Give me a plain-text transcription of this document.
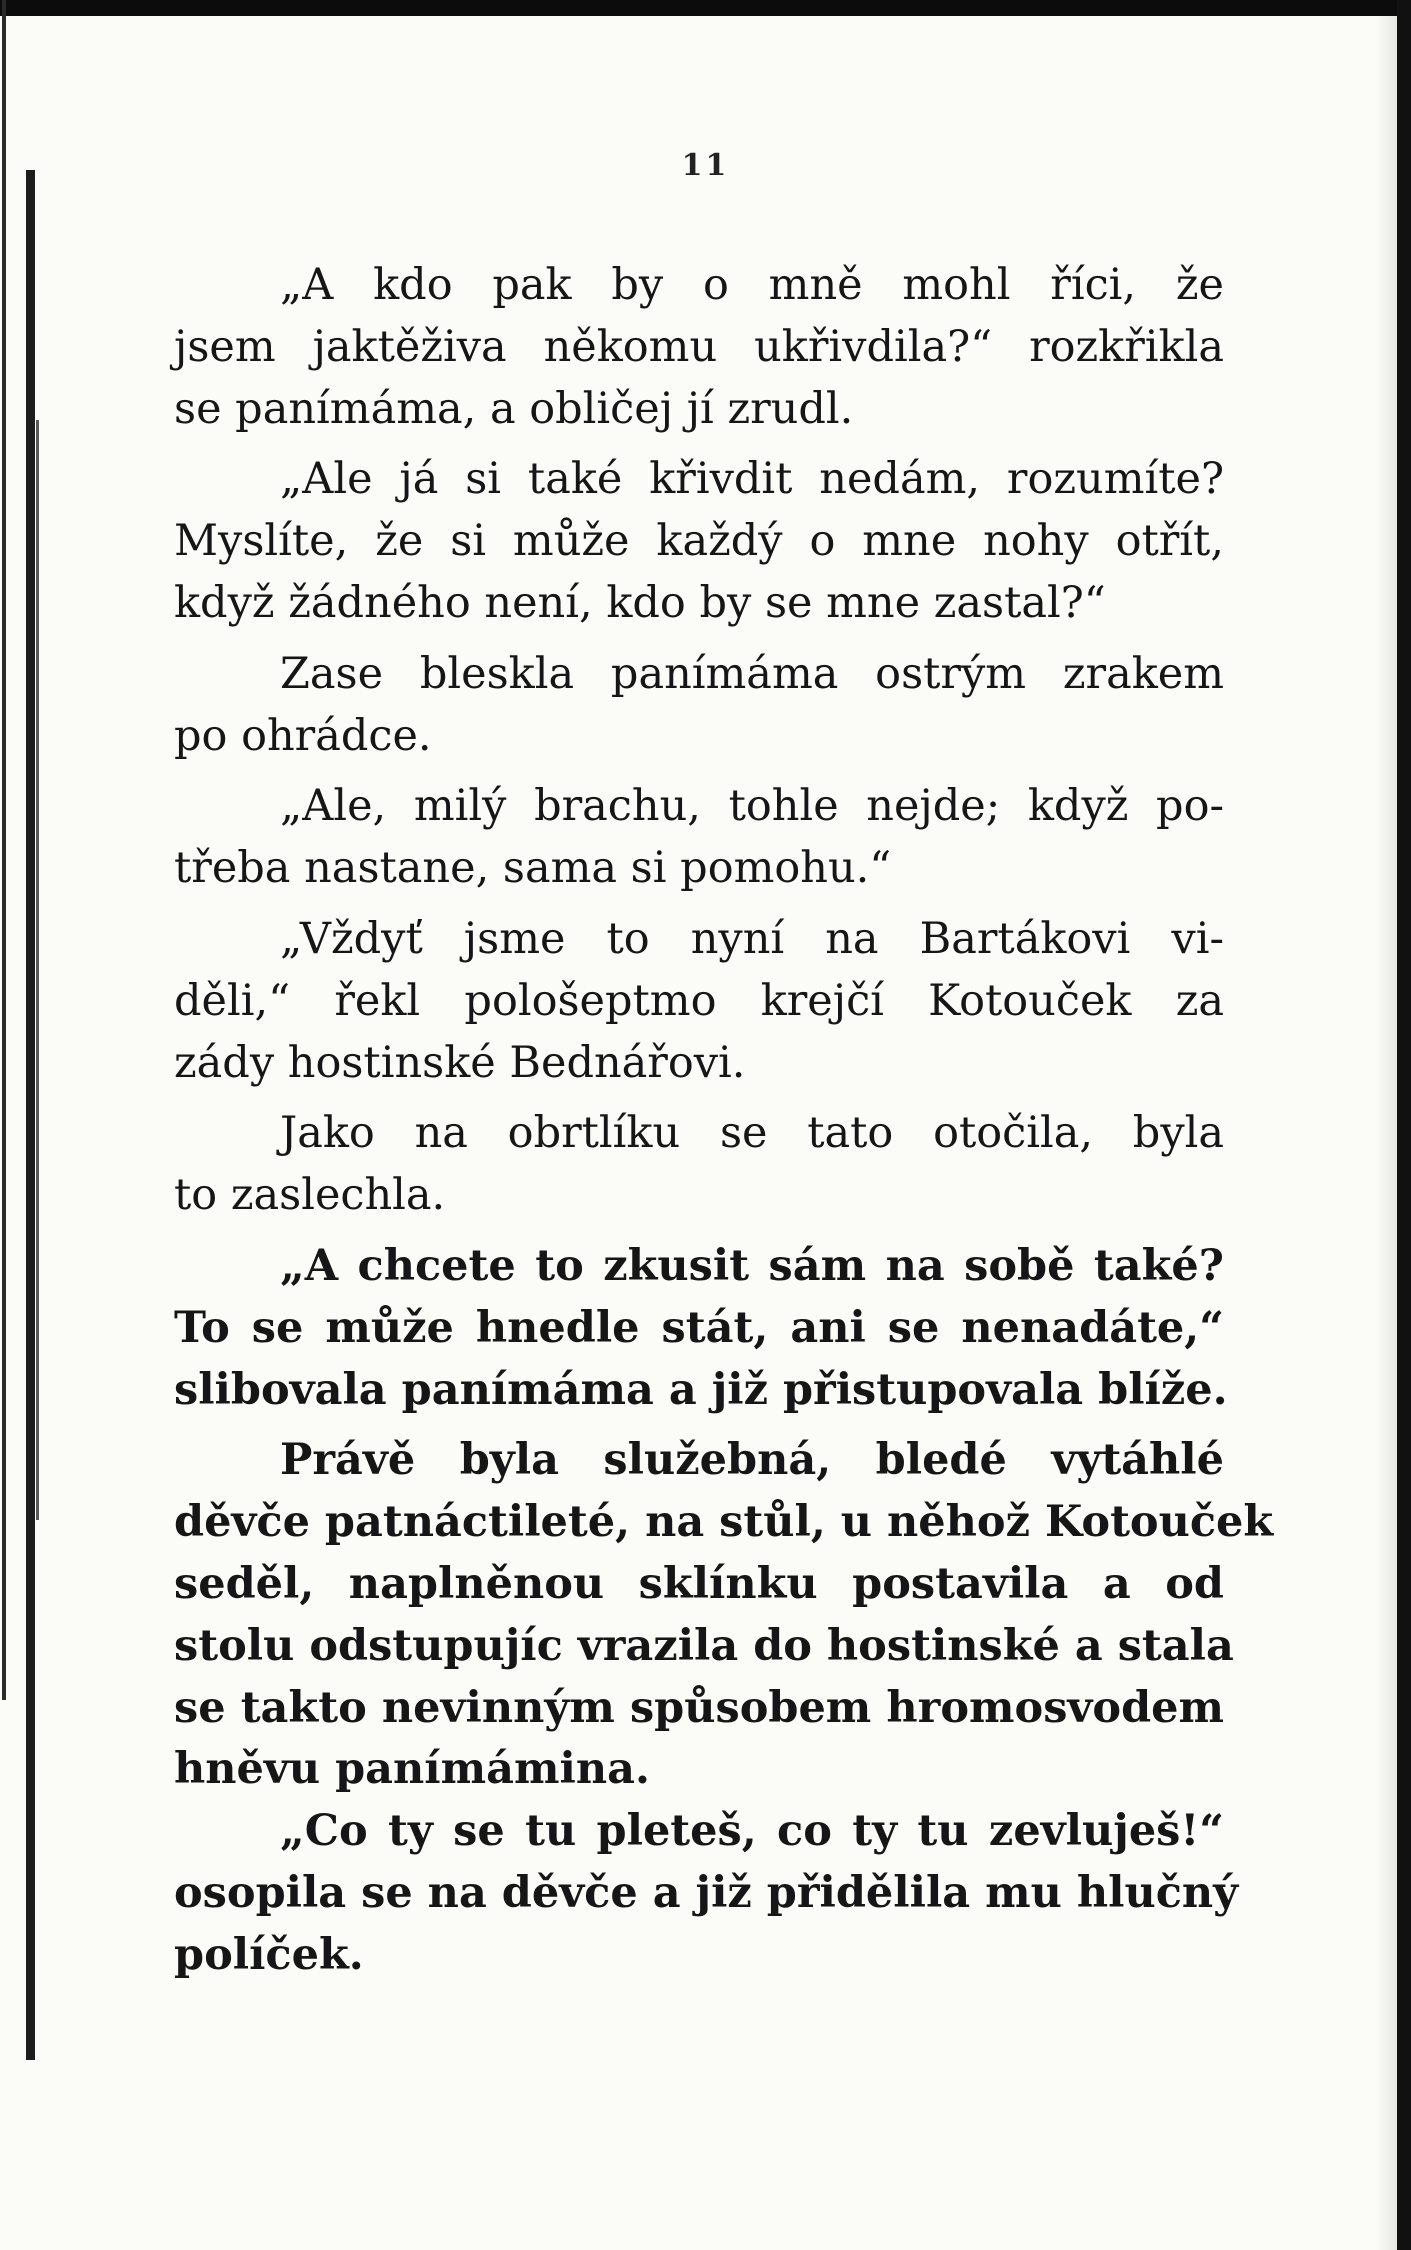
11
„A kdo pak by o mně mohl říci, že
jsem jaktěživa někomu ukřivdila?“ rozkřikla
se panímáma, a obličej jí zrudl.
„Ale já si také křivdit nedám, rozumíte?
Myslíte, že si může každý o mne nohy otřít,
když žádného není, kdo by se mne zastal?“
Zase bleskla panímáma ostrým zrakem
po ohrádce.
„Ale, milý brachu, tohle nejde; když po-
třeba nastane, sama si pomohu.“
„Vždyť jsme to nyní na Bartákovi vi-
děli,“ řekl pološeptmo krejčí Kotouček za
zády hostinské Bednářovi.
Jako na obrtlíku se tato otočila, byla
to zaslechla.
„A chcete to zkusit sám na sobě také?
To se může hnedle stát, ani se nenadáte,“
slibovala panímáma a již přistupovala blíže.
Právě byla služebná, bledé vytáhlé
děvče patnáctileté, na stůl, u něhož Kotouček
seděl, naplněnou sklínku postavila a od
stolu odstupujíc vrazila do hostinské a stala
se takto nevinným spůsobem hromosvodem
hněvu panímámina.
„Co ty se tu pleteš, co ty tu zevluješ!“
osopila se na děvče a již přidělila mu hlučný
políček.
